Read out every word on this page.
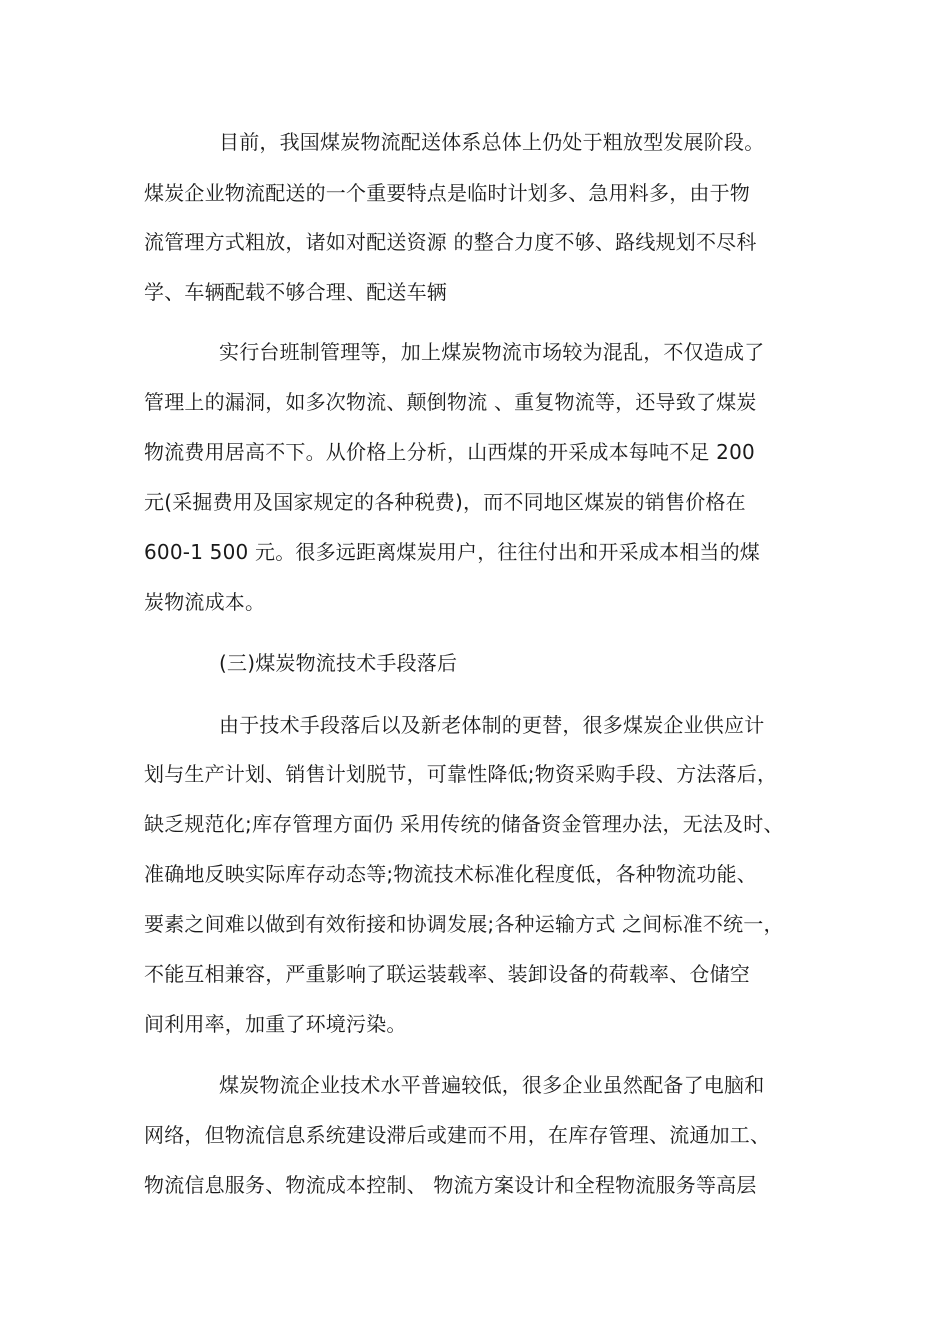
目前，我国煤炭物流配送体系总体上仍处于粗放型发展阶段。
煤炭企业物流配送的一个重要特点是临时计划多、急用料多，由于物
流管理方式粗放，诸如对配送资源 的整合力度不够、路线规划不尽科
学、车辆配载不够合理、配送车辆
实行台班制管理等，加上煤炭物流市场较为混乱，不仅造成了
管理上的漏洞，如多次物流、颠倒物流 、重复物流等，还导致了煤炭
物流费用居高不下。从价格上分析，山西煤的开采成本每吨不足 200
元(采掘费用及国家规定的各种税费)，而不同地区煤炭的销售价格在
600-1 500 元。很多远距离煤炭用户，往往付出和开采成本相当的煤
炭物流成本。
(三)煤炭物流技术手段落后
由于技术手段落后以及新老体制的更替，很多煤炭企业供应计
划与生产计划、销售计划脱节，可靠性降低;物资采购手段、方法落后，
缺乏规范化;库存管理方面仍 采用传统的储备资金管理办法，无法及时、
准确地反映实际库存动态等;物流技术标准化程度低，各种物流功能、
要素之间难以做到有效衔接和协调发展;各种运输方式 之间标准不统一，
不能互相兼容，严重影响了联运装载率、装卸设备的荷载率、仓储空
间利用率，加重了环境污染。
煤炭物流企业技术水平普遍较低，很多企业虽然配备了电脑和
网络，但物流信息系统建设滞后或建而不用，在库存管理、流通加工、
物流信息服务、物流成本控制、 物流方案设计和全程物流服务等高层
